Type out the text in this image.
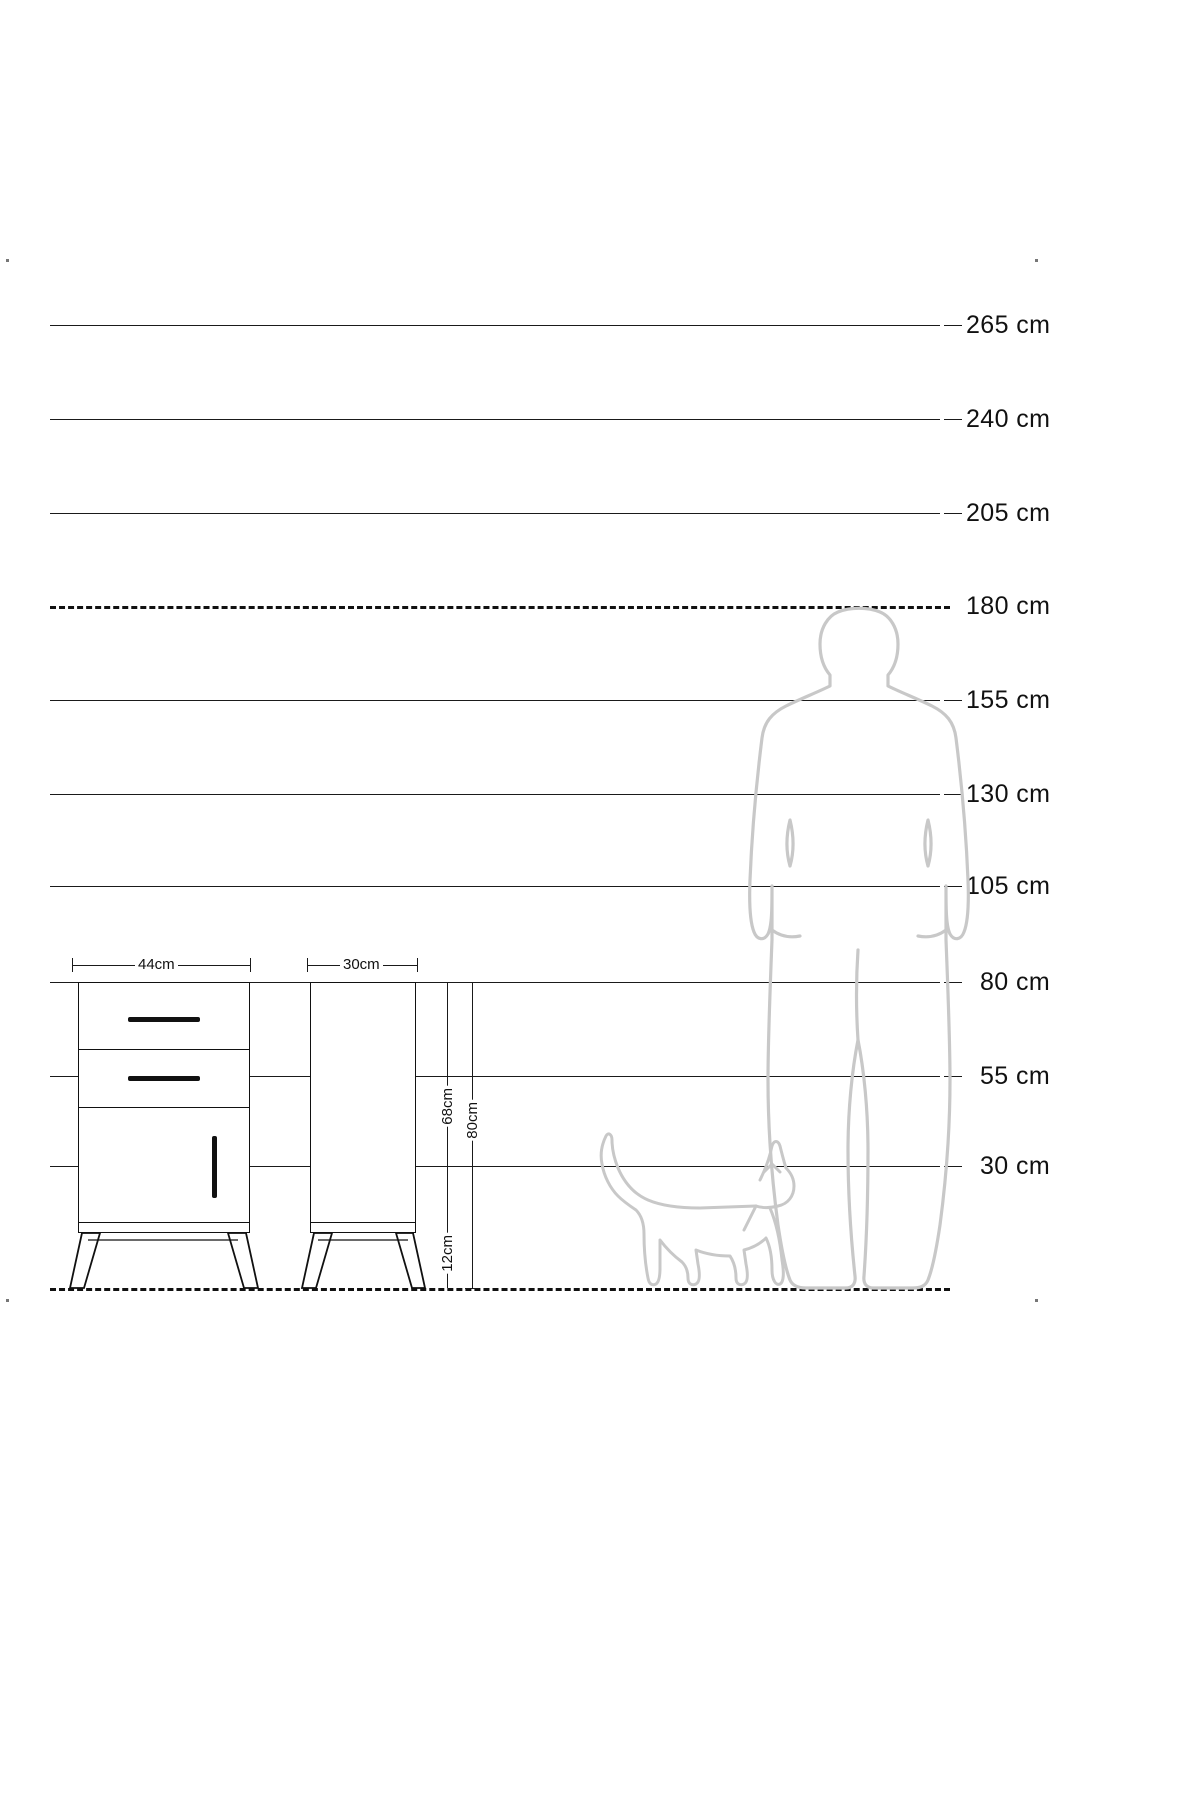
265 cm
240 cm
205 cm
180 cm
155 cm
130 cm
105 cm
80 cm
55 cm
30 cm
44cm	30cm
68cm 80cm
12cm
